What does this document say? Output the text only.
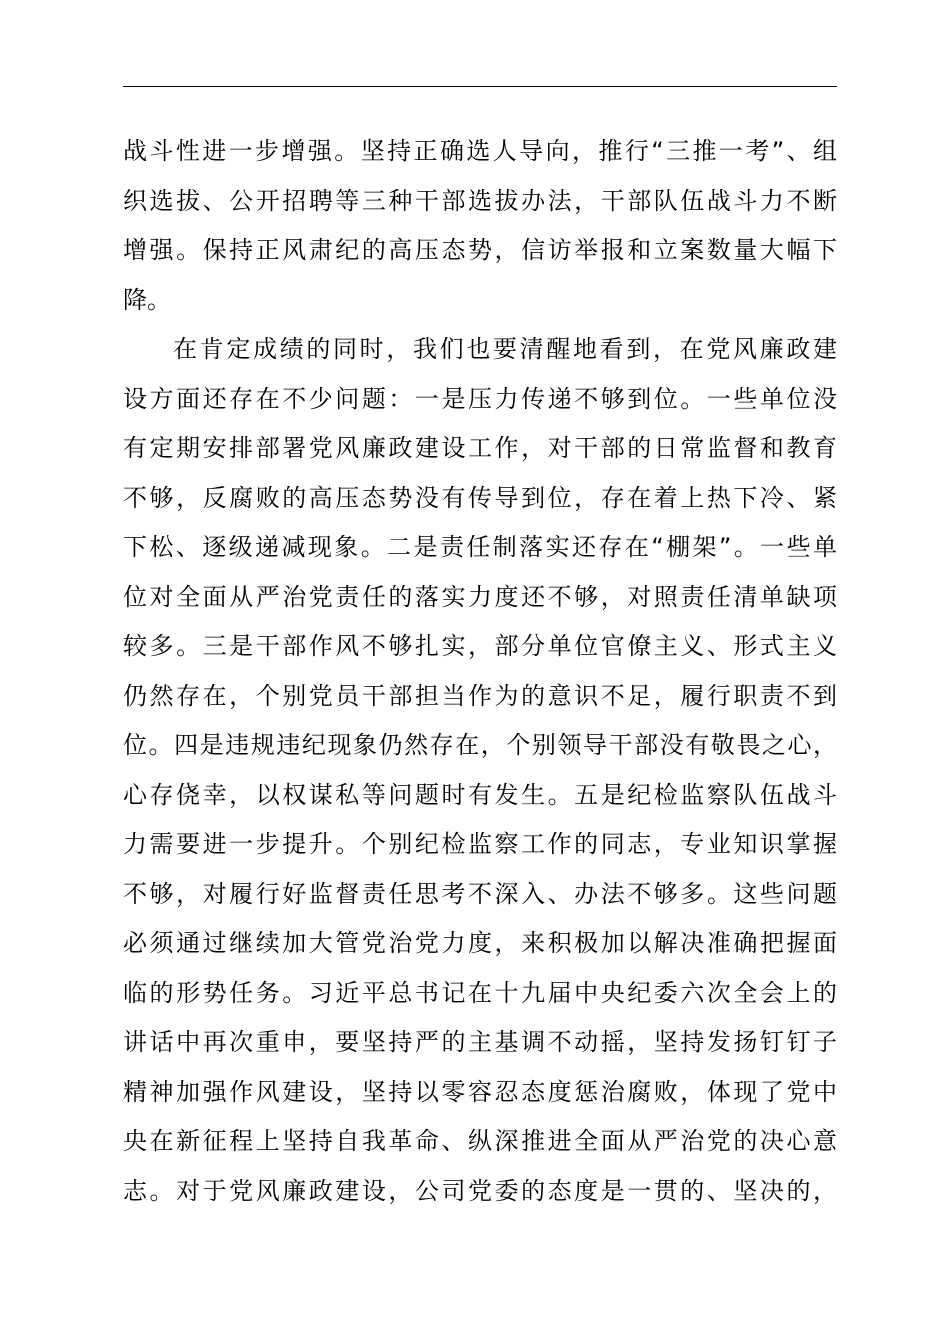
战斗性进一步增强。坚持正确选人导向，推行“三推一考”、组
织选拔、公开招聘等三种干部选拔办法，干部队伍战斗力不断
增强。保持正风肃纪的高压态势，信访举报和立案数量大幅下
降。
在肯定成绩的同时，我们也要清醒地看到，在党风廉政建
设方面还存在不少问题：一是压力传递不够到位。一些单位没
有定期安排部署党风廉政建设工作，对干部的日常监督和教育
不够，反腐败的高压态势没有传导到位，存在着上热下冷、紧
下松、逐级递减现象。二是责任制落实还存在“棚架”。一些单
位对全面从严治党责任的落实力度还不够，对照责任清单缺项
较多。三是干部作风不够扎实，部分单位官僚主义、形式主义
仍然存在，个别党员干部担当作为的意识不足，履行职责不到
位。四是违规违纪现象仍然存在，个别领导干部没有敬畏之心，
心存侥幸，以权谋私等问题时有发生。五是纪检监察队伍战斗
力需要进一步提升。个别纪检监察工作的同志，专业知识掌握
不够，对履行好监督责任思考不深入、办法不够多。这些问题
必须通过继续加大管党治党力度，来积极加以解决准确把握面
临的形势任务。习近平总书记在十九届中央纪委六次全会上的
讲话中再次重申，要坚持严的主基调不动摇，坚持发扬钉钉子
精神加强作风建设，坚持以零容忍态度惩治腐败，体现了党中
央在新征程上坚持自我革命、纵深推进全面从严治党的决心意
志。对于党风廉政建设，公司党委的态度是一贯的、坚决的，
